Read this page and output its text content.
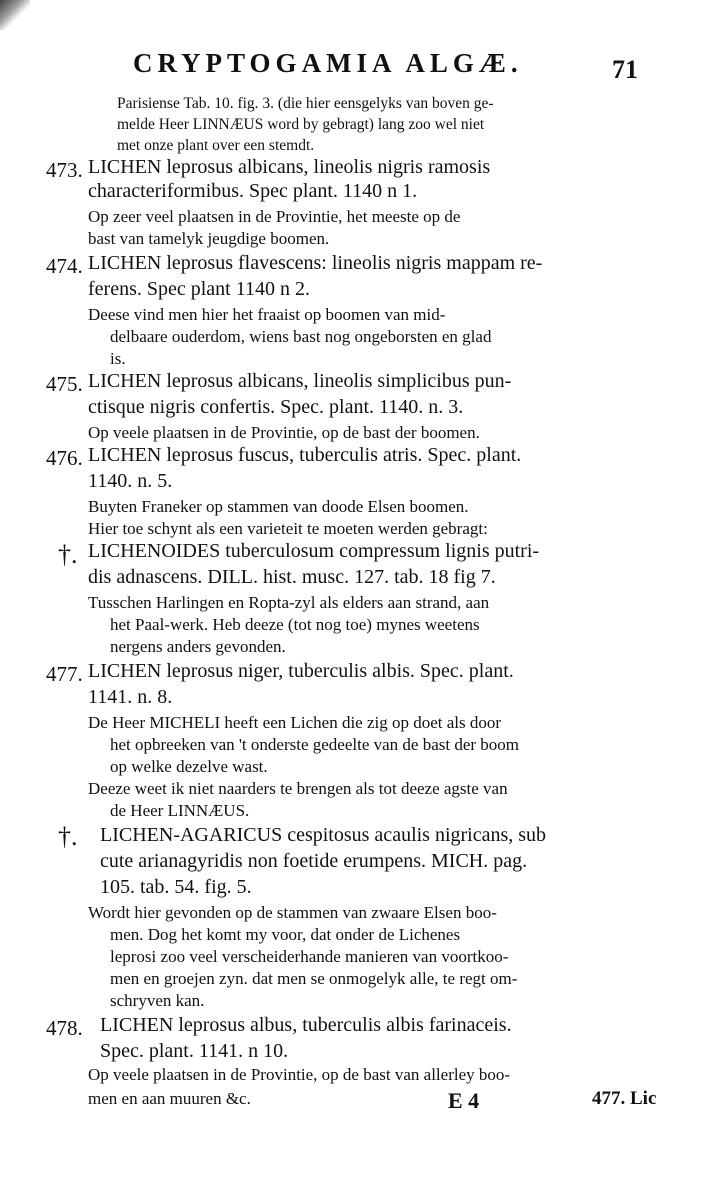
CRYPTOGAMIA ALGÆ.	71
Parisiense Tab. 10. fig. 3. (die hier eensgelyks van boven ge-
melde Heer LINNÆUS word by gebragt) lang zoo wel niet
met onze plant over een stemdt.
LICHEN leprosus albicans, lineolis nigris ramosis
characteriformibus. Spec plant. 1140 n 1.
Op zeer veel plaatsen in de Provintie, het meeste op de
bast van tamelyk jeugdige boomen.
LICHEN leprosus flavescens: lineolis nigris mappam re-
ferens. Spec plant 1140 n 2.
Deese vind men hier het fraaist op boomen van mid-
delbaare ouderdom, wiens bast nog ongeborsten en glad
is.
LICHEN leprosus albicans, lineolis simplicibus pun-
ctisque nigris confertis. Spec. plant. 1140. n. 3.
Op veele plaatsen in de Provintie, op de bast der boomen.
LICHEN leprosus fuscus, tuberculis atris. Spec. plant.
1140. n. 5.
Buyten Franeker op stammen van doode Elsen boomen.
Hier toe schynt als een varieteit te moeten werden gebragt:
LICHENOIDES tuberculosum compressum lignis putri-
dis adnascens. DILL. hist. musc. 127. tab. 18 fig 7.
Tusschen Harlingen en Ropta-zyl als elders aan strand, aan
het Paal-werk. Heb deeze (tot nog toe) mynes weetens
nergens anders gevonden.
LICHEN leprosus niger, tuberculis albis. Spec. plant.
1141. n. 8.
De Heer MICHELI heeft een Lichen die zig op doet als door
het opbreeken van 't onderste gedeelte van de bast der boom
op welke dezelve wast.
Deeze weet ik niet naarders te brengen als tot deeze agste van
de Heer LINNÆUS.
LICHEN-AGARICUS cespitosus acaulis nigricans, sub
cute arianagyridis non foetide erumpens. MICH. pag.
105. tab. 54. fig. 5.
Wordt hier gevonden op de stammen van zwaare Elsen boo-
men. Dog het komt my voor, dat onder de Lichenes
leprosi zoo veel verscheiderhande manieren van voortkoo-
men en groejen zyn. dat men se onmogelyk alle, te regt om-
schryven kan.
LICHEN leprosus albus, tuberculis albis farinaceis.
Spec. plant. 1141. n 10.
Op veele plaatsen in de Provintie, op de bast van allerley boo-
men en aan muuren &c.
473.
474.
475.
476.
477.
478.
†.
†.
E 4	477. Lic
